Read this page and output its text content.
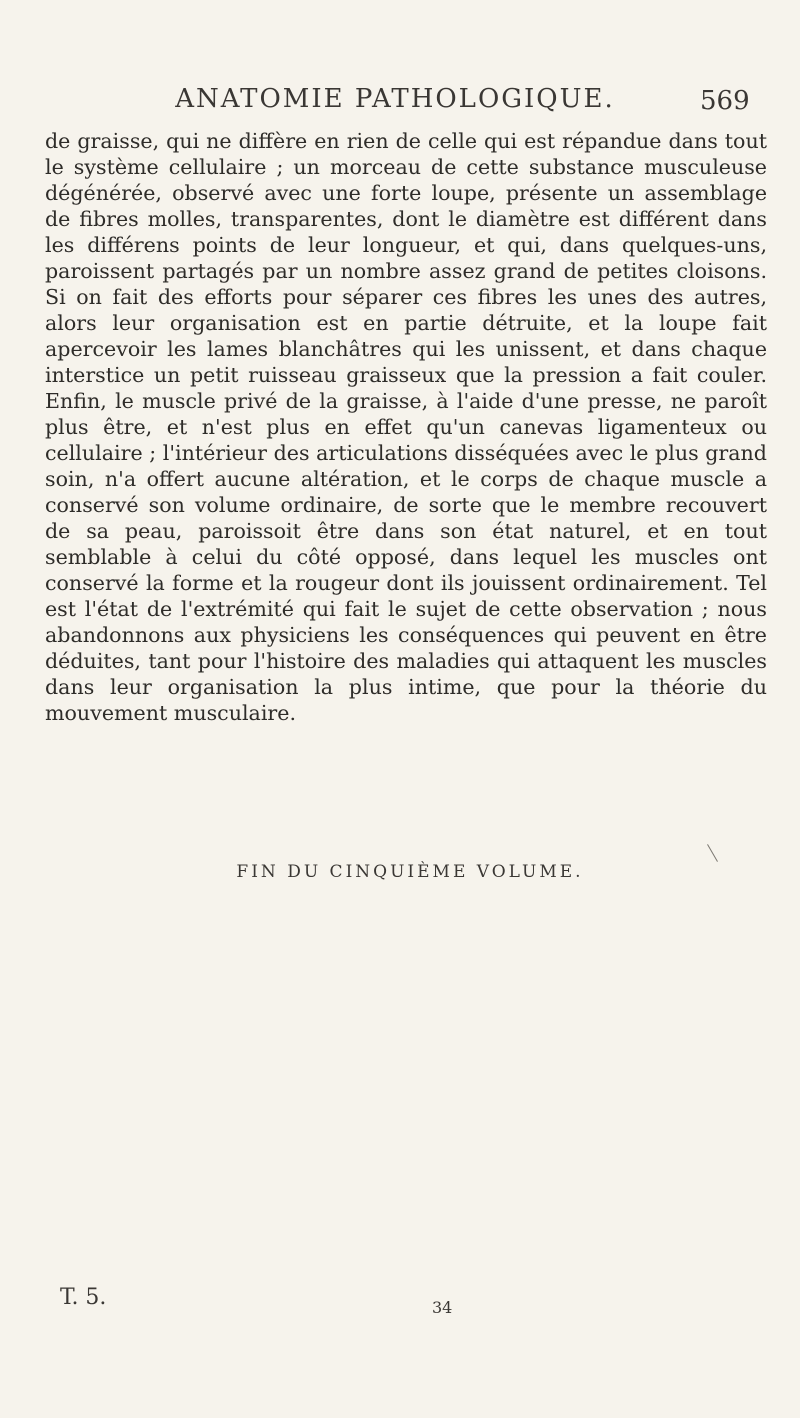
ANATOMIE PATHOLOGIQUE.	569

de graisse, qui ne diffère en rien de celle qui est répandue dans tout le système cellulaire ; un morceau de cette substance musculeuse dégénérée, observé avec une forte loupe, présente un assemblage de fibres molles, transparentes, dont le diamètre est différent dans les différens points de leur longueur, et qui, dans quelques-uns, paroissent partagés par un nombre assez grand de petites cloisons. Si on fait des efforts pour séparer ces fibres les unes des autres, alors leur organisation est en partie détruite, et la loupe fait apercevoir les lames blanchâtres qui les unissent, et dans chaque interstice un petit ruisseau graisseux que la pression a fait couler. Enfin, le muscle privé de la graisse, à l'aide d'une presse, ne paroît plus être, et n'est plus en effet qu'un canevas ligamenteux ou cellulaire ; l'intérieur des articulations disséquées avec le plus grand soin, n'a offert aucune altération, et le corps de chaque muscle a conservé son volume ordinaire, de sorte que le membre recouvert de sa peau, paroissoit être dans son état naturel, et en tout semblable à celui du côté opposé, dans lequel les muscles ont conservé la forme et la rougeur dont ils jouissent ordinairement. Tel est l'état de l'extrémité qui fait le sujet de cette observation ; nous abandonnons aux physiciens les conséquences qui peuvent en être déduites, tant pour l'histoire des maladies qui attaquent les muscles dans leur organisation la plus intime, que pour la théorie du mouvement musculaire.

FIN DU CINQUIÈME VOLUME.
T. 5.	34
